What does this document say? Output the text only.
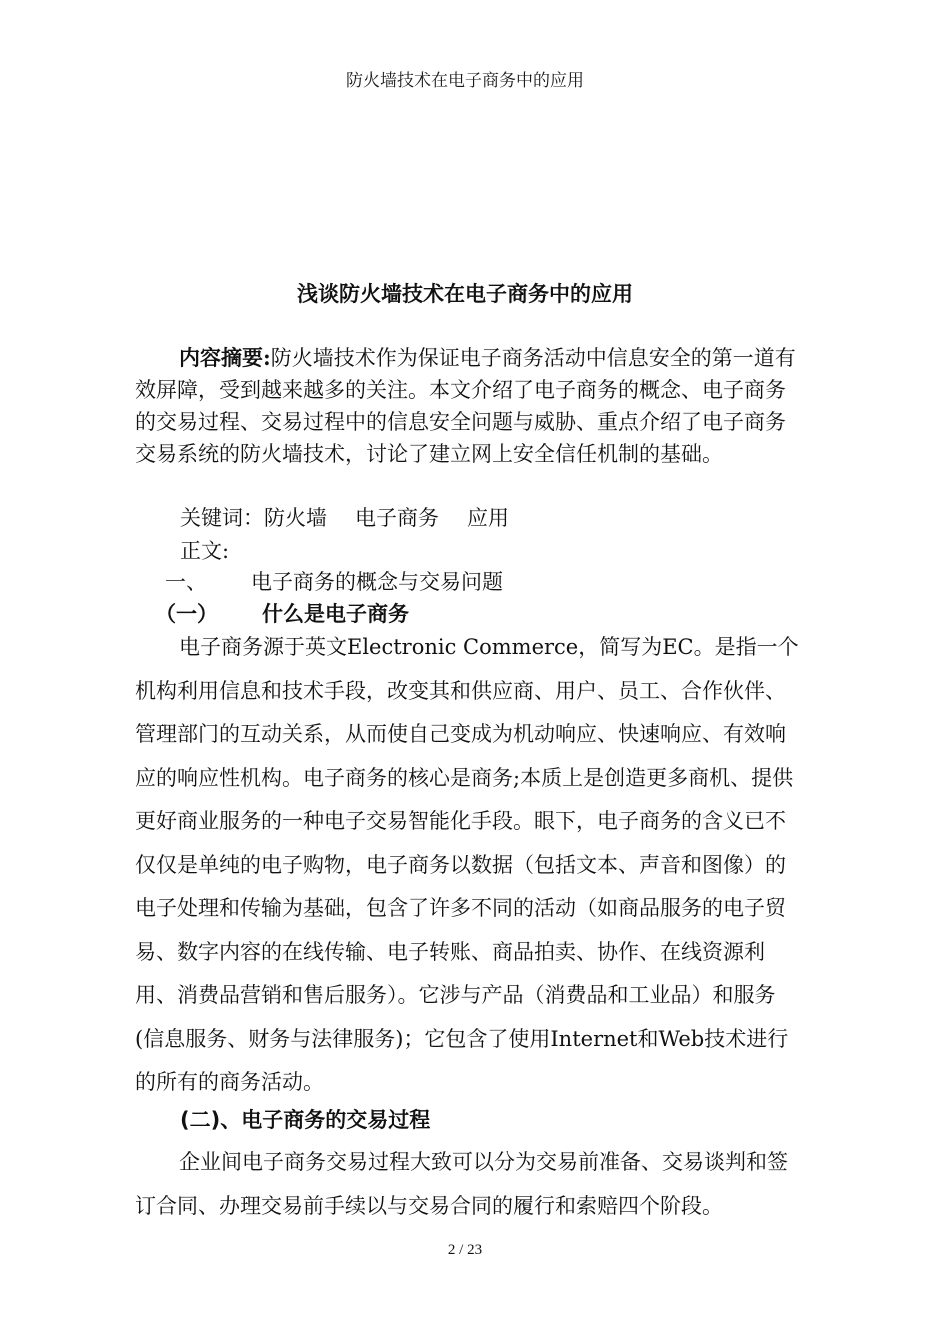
防火墙技术在电子商务中的应用
浅谈防火墙技术在电子商务中的应用

内容摘要:防火墙技术作为保证电子商务活动中信息安全的第一道有效屏障，受到越来越多的关注。本文介绍了电子商务的概念、电子商务的交易过程、交易过程中的信息安全问题与威胁、重点介绍了电子商务交易系统的防火墙技术，讨论了建立网上安全信任机制的基础。

关键词：防火墙 电子商务 应用

正文:

一、 电子商务的概念与交易问题

（一） 什么是电子商务

电子商务源于英文Electronic Commerce，简写为EC。是指一个机构利用信息和技术手段，改变其和供应商、用户、员工、合作伙伴、管理部门的互动关系，从而使自己变成为机动响应、快速响应、有效响应的响应性机构。电子商务的核心是商务;本质上是创造更多商机、提供更好商业服务的一种电子交易智能化手段。眼下，电子商务的含义已不仅仅是单纯的电子购物，电子商务以数据（包括文本、声音和图像）的电子处理和传输为基础，包含了许多不同的活动（如商品服务的电子贸易、数字内容的在线传输、电子转账、商品拍卖、协作、在线资源利用、消费品营销和售后服务）。它涉与产品（消费品和工业品）和服务(信息服务、财务与法律服务)；它包含了使用Internet和Web技术进行的所有的商务活动。

(二)、电子商务的交易过程

企业间电子商务交易过程大致可以分为交易前准备、交易谈判和签订合同、办理交易前手续以与交易合同的履行和索赔四个阶段。

2 / 23
